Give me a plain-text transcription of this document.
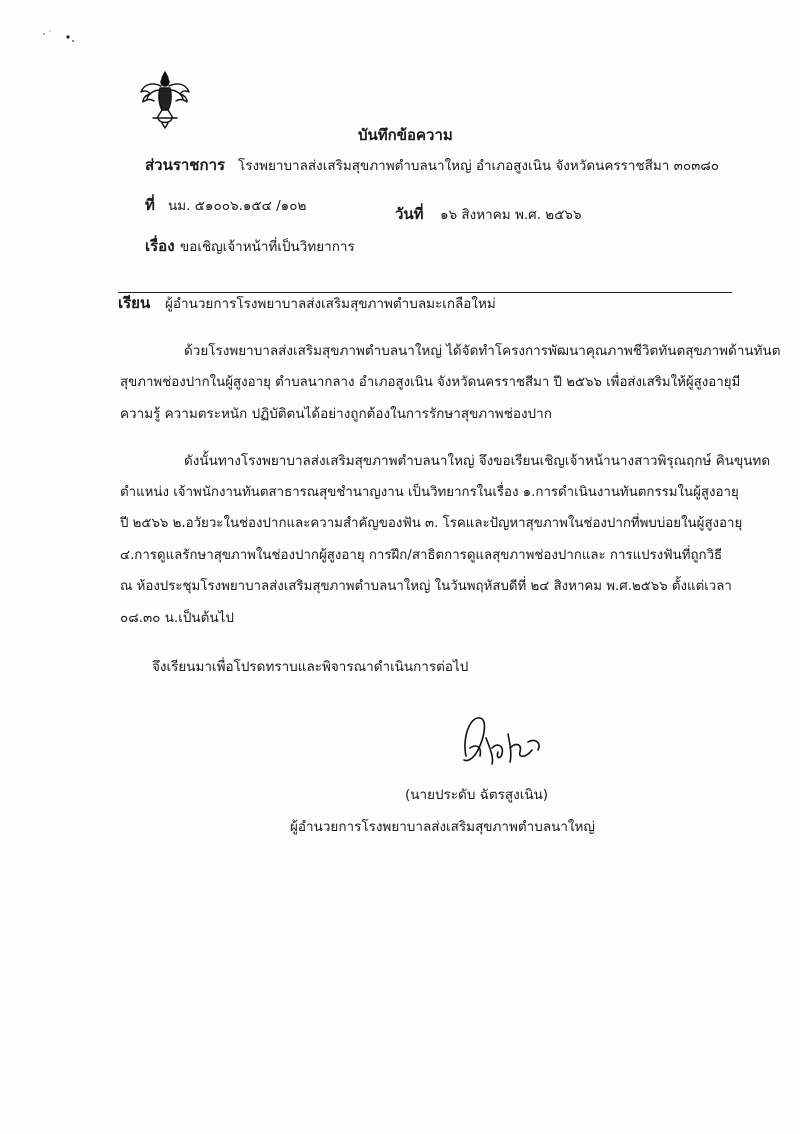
บันทึกข้อความ
ส่วนราชการ โรงพยาบาลส่งเสริมสุขภาพตำบลนาใหญ่ อำเภอสูงเนิน จังหวัดนครราชสีมา ๓๐๓๘๐
ที่ นม. ๕๑๐๐๖.๑๕๔ /๑๐๒	วันที่ ๑๖ สิงหาคม พ.ศ. ๒๕๖๖
เรื่อง ขอเชิญเจ้าหน้าที่เป็นวิทยาการ
เรียน ผู้อำนวยการโรงพยาบาลส่งเสริมสุขภาพตำบลมะเกลือใหม่
ด้วยโรงพยาบาลส่งเสริมสุขภาพตำบลนาใหญ่ ได้จัดทำโครงการพัฒนาคุณภาพชีวิตทันตสุขภาพด้านทันต
สุขภาพช่องปากในผู้สูงอายุ ตำบลนากลาง อำเภอสูงเนิน จังหวัดนครราชสีมา ปี ๒๕๖๖ เพื่อส่งเสริมให้ผู้สูงอายุมี
ความรู้ ความตระหนัก ปฏิบัติตนได้อย่างถูกต้องในการรักษาสุขภาพช่องปาก
ดังนั้นทางโรงพยาบาลส่งเสริมสุขภาพตำบลนาใหญ่ จึงขอเรียนเชิญเจ้าหน้านางสาวพิรุณฤกษ์ คินขุนทด
ตำแหน่ง เจ้าพนักงานทันตสาธารณสุขชำนาญงาน เป็นวิทยากรในเรื่อง ๑.การดำเนินงานทันตกรรมในผู้สูงอายุ
ปี ๒๕๖๖ ๒.อวัยวะในช่องปากและความสำคัญของฟัน ๓. โรคและปัญหาสุขภาพในช่องปากที่พบบ่อยในผู้สูงอายุ
๔.การดูแลรักษาสุขภาพในช่องปากผู้สูงอายุ การฝึก/สาธิตการดูแลสุขภาพช่องปากและ การแปรงฟันที่ถูกวิธี
ณ ห้องประชุมโรงพยาบาลส่งเสริมสุขภาพตำบลนาใหญ่ ในวันพฤหัสบดีที่ ๒๔ สิงหาคม พ.ศ.๒๕๖๖ ตั้งแต่เวลา
๐๘.๓๐ น.เป็นต้นไป
จึงเรียนมาเพื่อโปรดทราบและพิจารณาดำเนินการต่อไป
(นายประดับ ฉัตรสูงเนิน)
ผู้อำนวยการโรงพยาบาลส่งเสริมสุขภาพตำบลนาใหญ่
